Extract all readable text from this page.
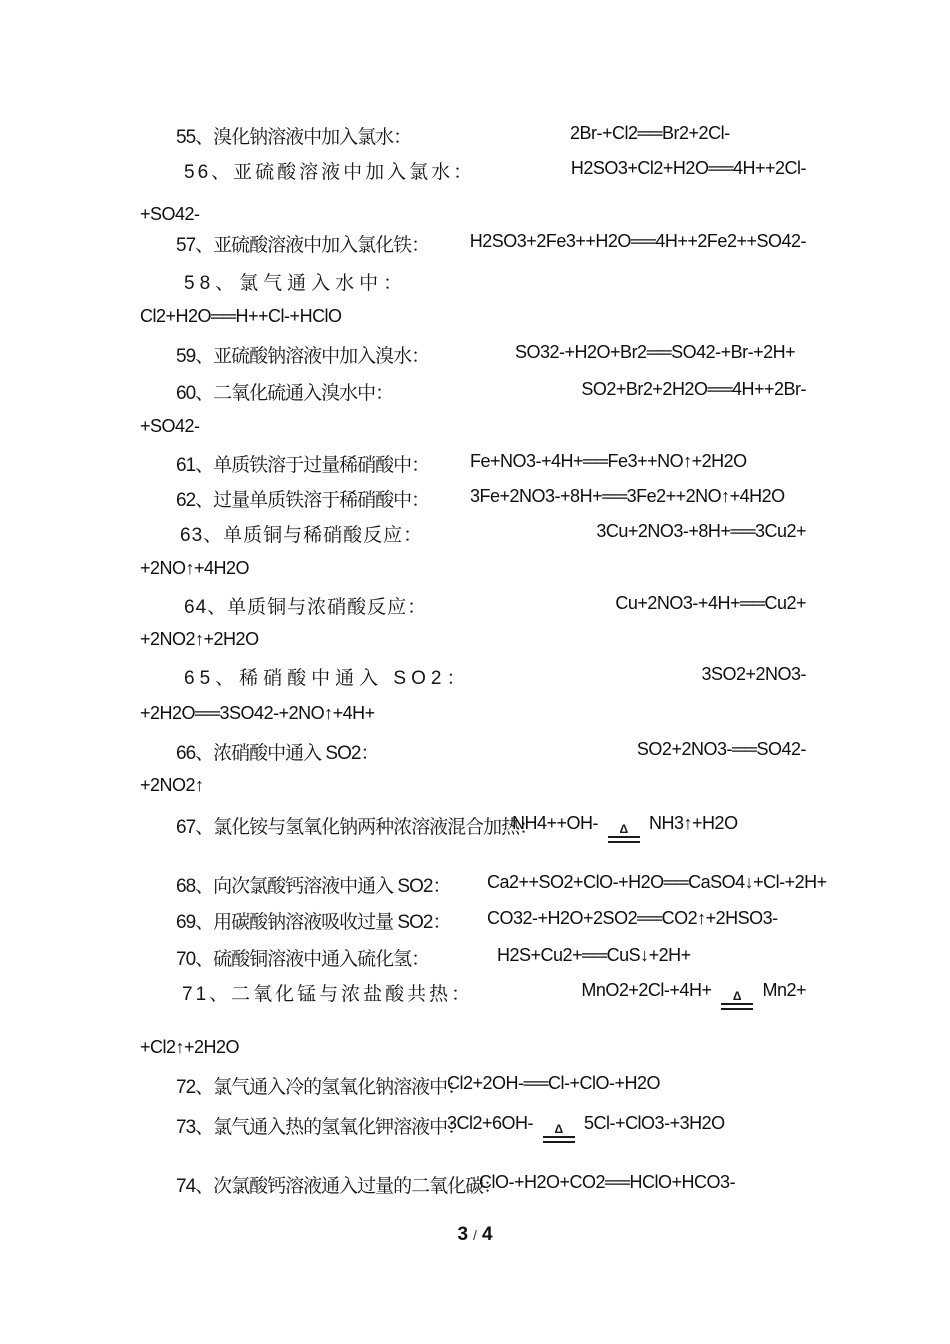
55、溴化钠溶液中加入氯水：	2Br-+Cl2══Br2+2Cl-
56、亚硫酸溶液中加入氯水：	H2SO3+Cl2+H2O══4H++2Cl-
+SO42-
57、亚硫酸溶液中加入氯化铁： H2SO3+2Fe3++H2O══4H++2Fe2++SO42-
58、氯气通入水中：
Cl2+H2O══H++Cl-+HClO
59、亚硫酸钠溶液中加入溴水：	SO32-+H2O+Br2══SO42-+Br-+2H+
60、二氧化硫通入溴水中：	SO2+Br2+2H2O══4H++2Br-
+SO42-
61、单质铁溶于过量稀硝酸中： Fe+NO3-+4H+══Fe3++NO↑+2H2O
62、过量单质铁溶于稀硝酸中： 3Fe+2NO3-+8H+══3Fe2++2NO↑+4H2O
63、单质铜与稀硝酸反应：	3Cu+2NO3-+8H+══3Cu2+
+2NO↑+4H2O
64、单质铜与浓硝酸反应：	Cu+2NO3-+4H+══Cu2+
+2NO2↑+2H2O
65、稀硝酸中通入 SO2：	3SO2+2NO3-
+2H2O══3SO42-+2NO↑+4H+
66、浓硝酸中通入 SO2：	SO2+2NO3-══SO42-
+2NO2↑
67、氯化铵与氢氧化钠两种浓溶液混合加热：
NH4++OH-	Δ NH3↑+H2O
68、向次氯酸钙溶液中通入 SO2： Ca2++SO2+ClO-+H2O══CaSO4↓+Cl-+2H+
69、用碳酸钠溶液吸收过量 SO2： CO32-+H2O+2SO2══CO2↑+2HSO3-
70、硫酸铜溶液中通入硫化氢：	H2S+Cu2+══CuS↓+2H+
71、二氧化锰与浓盐酸共热：	MnO2+2Cl-+4H+	Δ Mn2+
+Cl2↑+2H2O
72、氯气通入冷的氢氧化钠溶液中：
Cl2+2OH-══Cl-+ClO-+H2O
73、氯气通入热的氢氧化钾溶液中：
3Cl2+6OH-	Δ 5Cl-+ClO3-+3H2O
74、次氯酸钙溶液通入过量的二氧化碳：
ClO-+H2O+CO2══HClO+HCO3-
3 / 4
